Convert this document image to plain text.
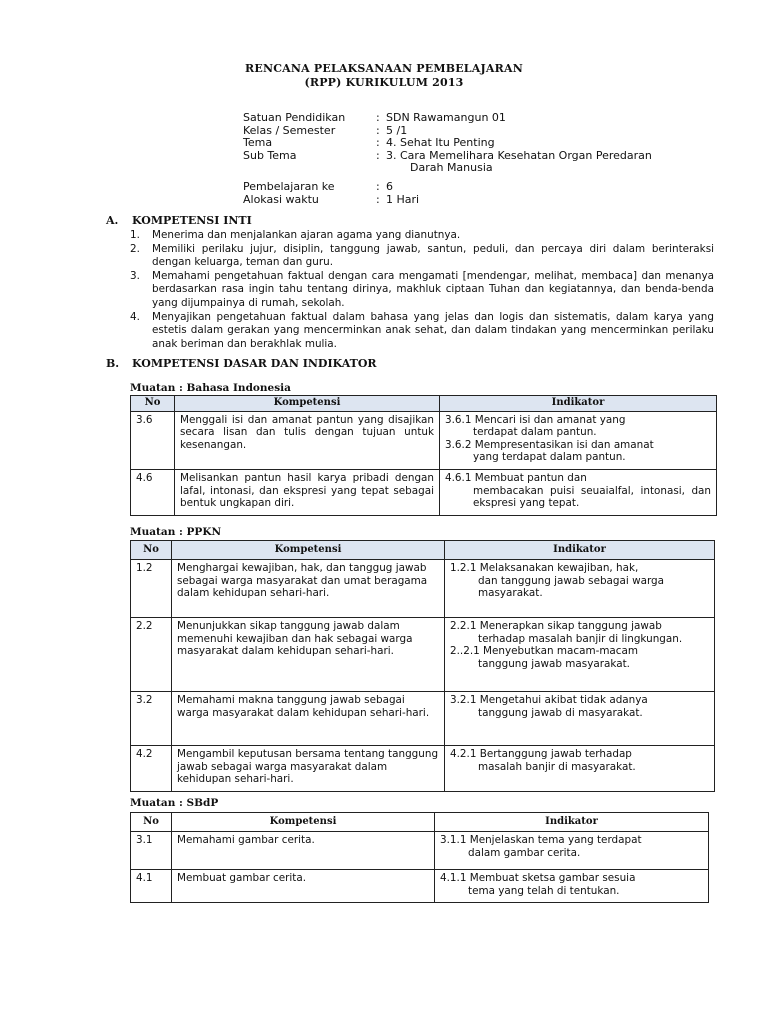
RENCANA PELAKSANAAN PEMBELAJARAN
(RPP) KURIKULUM 2013
Satuan Pendidikan	: SDN Rawamangun 01
Kelas / Semester	: 5 /1
Tema	: 4. Sehat Itu Penting
Sub Tema	: 3. Cara Memelihara Kesehatan Organ Peredaran
Darah Manusia
Pembelajaran ke	: 6
Alokasi waktu	: 1 Hari
A. KOMPETENSI INTI
1.	Menerima dan menjalankan ajaran agama yang dianutnya.
2.	Memiliki perilaku jujur, disiplin, tanggung jawab, santun, peduli, dan percaya diri dalam berinteraksi dengan keluarga, teman dan guru.
3.	Memahami pengetahuan faktual dengan cara mengamati [mendengar, melihat, membaca] dan menanya berdasarkan rasa ingin tahu tentang dirinya, makhluk ciptaan Tuhan dan kegiatannya, dan benda-benda yang dijumpainya di rumah, sekolah.
4.	Menyajikan pengetahuan faktual dalam bahasa yang jelas dan logis dan sistematis, dalam karya yang estetis dalam gerakan yang mencerminkan anak sehat, dan dalam tindakan yang mencerminkan perilaku anak beriman dan berakhlak mulia.
B. KOMPETENSI DASAR DAN INDIKATOR
Muatan : Bahasa Indonesia
No	Kompetensi	Indikator
3.6	Menggali isi dan amanat pantun yang disajikan secara lisan dan tulis dengan tujuan untuk kesenangan.	3.6.1 Mencari isi dan amanat yang
terdapat dalam pantun.
3.6.2 Mempresentasikan isi dan amanat
yang terdapat dalam pantun.

4.6	Melisankan pantun hasil karya pribadi dengan lafal, intonasi, dan ekspresi yang tepat sebagai bentuk ungkapan diri.	4.6.1 Membuat pantun dan
membacakan puisi seuaialfal, intonasi, dan ekspresi yang tepat.
Muatan : PPKN
No	Kompetensi	Indikator
1.2	Menghargai kewajiban, hak, dan tanggug jawab sebagai warga masyarakat dan umat beragama dalam kehidupan sehari-hari.	1.2.1 Melaksanakan kewajiban, hak,
dan tanggung jawab sebagai warga masyarakat.

2.2	Menunjukkan sikap tanggung jawab dalam memenuhi kewajiban dan hak sebagai warga masyarakat dalam kehidupan sehari-hari.	2.2.1 Menerapkan sikap tanggung jawab
terhadap masalah banjir di lingkungan.
2..2.1 Menyebutkan macam-macam
tanggung jawab masyarakat.

3.2	Memahami makna tanggung jawab sebagai warga masyarakat dalam kehidupan sehari-hari.	3.2.1 Mengetahui akibat tidak adanya
tanggung jawab di masyarakat.

4.2	Mengambil keputusan bersama tentang tanggung jawab sebagai warga masyarakat dalam kehidupan sehari-hari.	4.2.1 Bertanggung jawab terhadap
masalah banjir di masyarakat.
Muatan : SBdP
No	Kompetensi	Indikator
3.1	Memahami gambar cerita.	3.1.1 Menjelaskan tema yang terdapat
dalam gambar cerita.

4.1	Membuat gambar cerita.	4.1.1 Membuat sketsa gambar sesuia
tema yang telah di tentukan.
